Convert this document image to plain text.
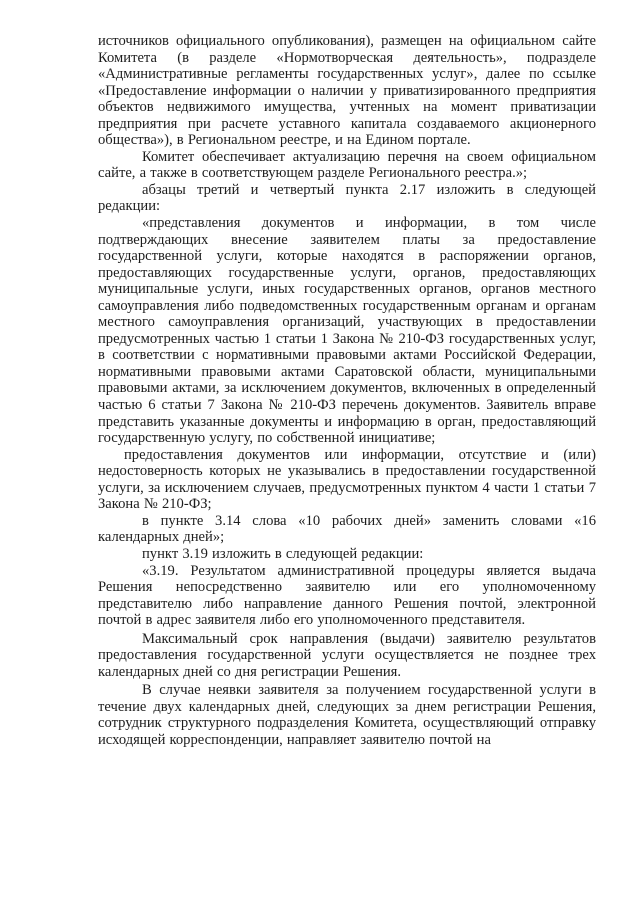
источников официального опубликования), размещен на официальном сайте Комитета (в разделе «Нормотворческая деятельность», подразделе «Административные регламенты государственных услуг», далее по ссылке «Предоставление информации о наличии у приватизированного предприятия объектов недвижимого имущества, учтенных на момент приватизации предприятия при расчете уставного капитала создаваемого акционерного общества»), в Региональном реестре, и на Едином портале.

Комитет обеспечивает актуализацию перечня на своем официальном сайте, а также в соответствующем разделе Регионального реестра.»;

абзацы третий и четвертый пункта 2.17 изложить в следующей редакции:

«представления документов и информации, в том числе подтверждающих внесение заявителем платы за предоставление государственной услуги, которые находятся в распоряжении органов, предоставляющих государственные услуги, органов, предоставляющих муниципальные услуги, иных государственных органов, органов местного самоуправления либо подведомственных государственным органам и органам местного самоуправления организаций, участвующих в предоставлении предусмотренных частью 1 статьи 1 Закона № 210-ФЗ государственных услуг, в соответствии с нормативными правовыми актами Российской Федерации, нормативными правовыми актами Саратовской области, муниципальными правовыми актами, за исключением документов, включенных в определенный частью 6 статьи 7 Закона № 210-ФЗ перечень документов. Заявитель вправе представить указанные документы и информацию в орган, предоставляющий государственную услугу, по собственной инициативе;

предоставления документов или информации, отсутствие и (или) недостоверность которых не указывались в предоставлении государственной услуги, за исключением случаев, предусмотренных пунктом 4 части 1 статьи 7 Закона № 210-ФЗ;

в пункте 3.14 слова «10 рабочих дней» заменить словами «16 календарных дней»;

пункт 3.19 изложить в следующей редакции:

«3.19. Результатом административной процедуры является выдача Решения непосредственно заявителю или его уполномоченному представителю либо направление данного Решения почтой, электронной почтой в адрес заявителя либо его уполномоченного представителя.

Максимальный срок направления (выдачи) заявителю результатов предоставления государственной услуги осуществляется не позднее трех календарных дней со дня регистрации Решения.

В случае неявки заявителя за получением государственной услуги в течение двух календарных дней, следующих за днем регистрации Решения, сотрудник структурного подразделения Комитета, осуществляющий отправку исходящей корреспонденции, направляет заявителю почтой на
